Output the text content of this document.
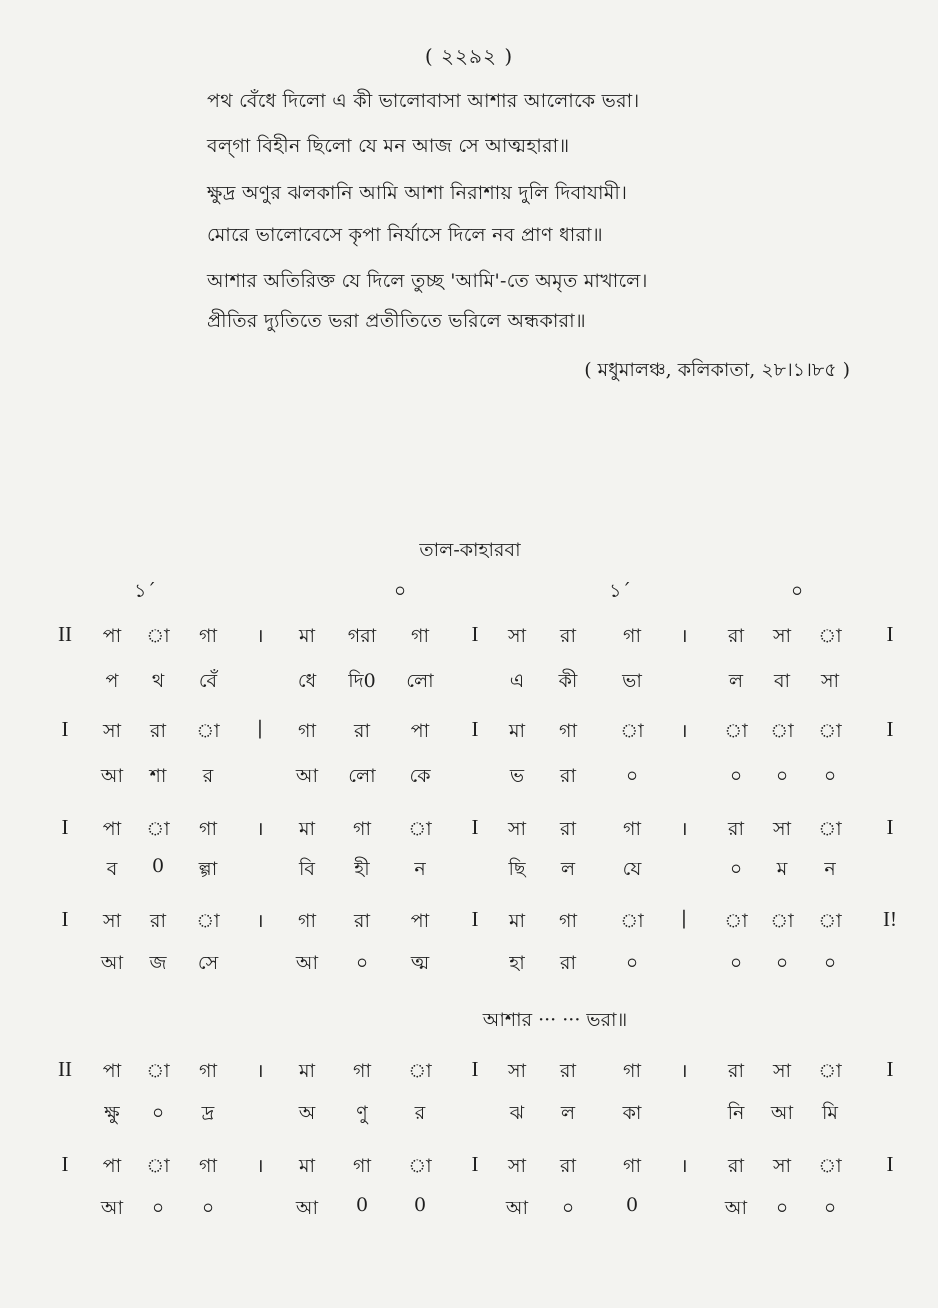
( ২২৯২ )
পথ বেঁধে দিলো এ কী ভালোবাসা আশার আলোকে ভরা।
বল্‌গা বিহীন ছিলো যে মন আজ সে আত্মহারা॥
ক্ষুদ্র অণুর ঝলকানি আমি আশা নিরাশায় দুলি দিবাযামী।
মোরে ভালোবেসে কৃপা নির্যাসে দিলে নব প্রাণ ধারা॥
আশার অতিরিক্ত যে দিলে তুচ্ছ 'আমি'-তে অমৃত মাখালে।
প্রীতির দ্যুতিতে ভরা প্রতীতিতে ভরিলে অন্ধকারা॥
( মধুমালঞ্চ, কলিকাতা, ২৮।১।৮৫ )
তাল-কাহারবা
১´	০	১´	০
II	পা	া	গা	।	মা	গরা	গা	I	সা	রা	গা	।	রা	সা	া	I
প	থ	বেঁ	ধে	দি0	লো	এ	কী	ভা	ল	বা	সা
I	সা	রা	া	|	গা	রা	পা	I	মা	গা	া	।	া	া	া	I
আ	শা	র	আ	লো	কে	ভ	রা	০	০	০	০
I	পা	া	গা	।	মা	গা	া	I	সা	রা	গা	।	রা	সা	া	I
ব	0	ল্গা	বি	হী	ন	ছি	ল	যে	০	ম	ন
I	সা	রা	া	।	গা	রা	পা	I	মা	গা	া	|	া	া	া	I!
আ	জ	সে	আ	০	ত্ম	হা	রা	০	০	০	০
II	পা	া	গা	।	মা	গা	া	I	সা	রা	গা	।	রা	সা	া	I
ক্ষু	০	দ্র	অ	ণু	র	ঝ	ল	কা	নি	আ	মি
I	পা	া	গা	।	মা	গা	া	I	সা	রা	গা	।	রা	সা	া	I
আ	০	০	আ	0	0	আ	০	0	আ	০	০
আশার ··· ··· ভরা॥
